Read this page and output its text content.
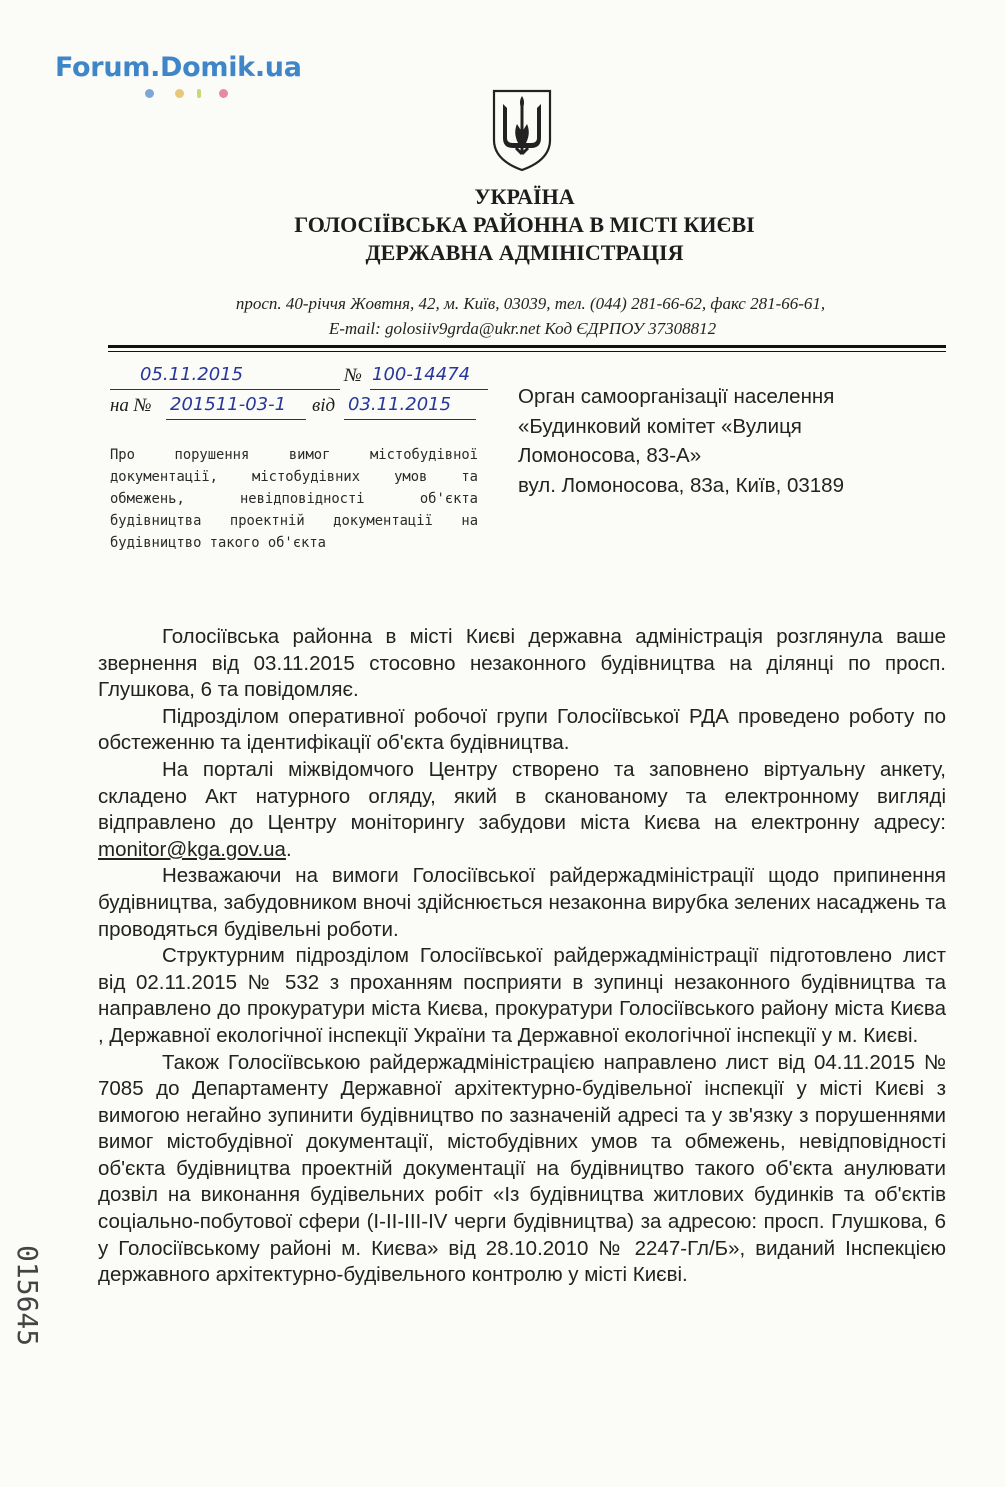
Forum.Domik.ua
УКРАЇНА
ГОЛОСІЇВСЬКА РАЙОННА В МІСТІ КИЄВІ
ДЕРЖАВНА АДМІНІСТРАЦІЯ
просп. 40-річчя Жовтня, 42, м. Київ, 03039, тел. (044) 281-66-62, факс 281-66-61,
E-mail: golosiiv9grda@ukr.net Код ЄДРПОУ 37308812
05.11.2015	№ 100-14474
на № 201511-03-1 від 03.11.2015
Про порушення вимог містобудівної документації, містобудівних умов та обмежень, невідповідності об'єкта будівництва проектній документації на будівництво такого об'єкта
Орган самоорганізації населення
«Будинковий комітет «Вулиця
Ломоносова, 83-А»
вул. Ломоносова, 83а, Київ, 03189

Голосіївська районна в місті Києві державна адміністрація розглянула ваше звернення від 03.11.2015 стосовно незаконного будівництва на ділянці по просп. Глушкова, 6 та повідомляє.

Підрозділом оперативної робочої групи Голосіївської РДА проведено роботу по обстеженню та ідентифікації об'єкта будівництва.

На порталі міжвідомчого Центру створено та заповнено віртуальну анкету, складено Акт натурного огляду, який в сканованому та електронному вигляді відправлено до Центру моніторингу забудови міста Києва на електронну адресу: monitor@kga.gov.ua.

Незважаючи на вимоги Голосіївської райдержадміністрації щодо припинення будівництва, забудовником вночі здійснюється незаконна вирубка зелених насаджень та проводяться будівельні роботи.

Структурним підрозділом Голосіївської райдержадміністрації підготовлено лист від 02.11.2015 № 532 з проханням посприяти в зупинці незаконного будівництва та направлено до прокуратури міста Києва, прокуратури Голосіївського району міста Києва , Державної екологічної інспекції України та Державної екологічної інспекції у м. Києві.

Також Голосіївською райдержадміністрацією направлено лист від 04.11.2015 № 7085 до Департаменту Державної архітектурно-будівельної інспекції у місті Києві з вимогою негайно зупинити будівництво по зазначеній адресі та у зв'язку з порушеннями вимог містобудівної документації, містобудівних умов та обмежень, невідповідності об'єкта будівництва проектній документації на будівництво такого об'єкта анулювати дозвіл на виконання будівельних робіт «Із будівництва житлових будинків та об'єктів соціально-побутової сфери (І-ІІ-ІІІ-IV черги будівництва) за адресою: просп. Глушкова, 6 у Голосіївському районі м. Києва» від 28.10.2010 № 2247-Гл/Б», виданий Інспекцією державного архітектурно-будівельного контролю у місті Києві.

015645
